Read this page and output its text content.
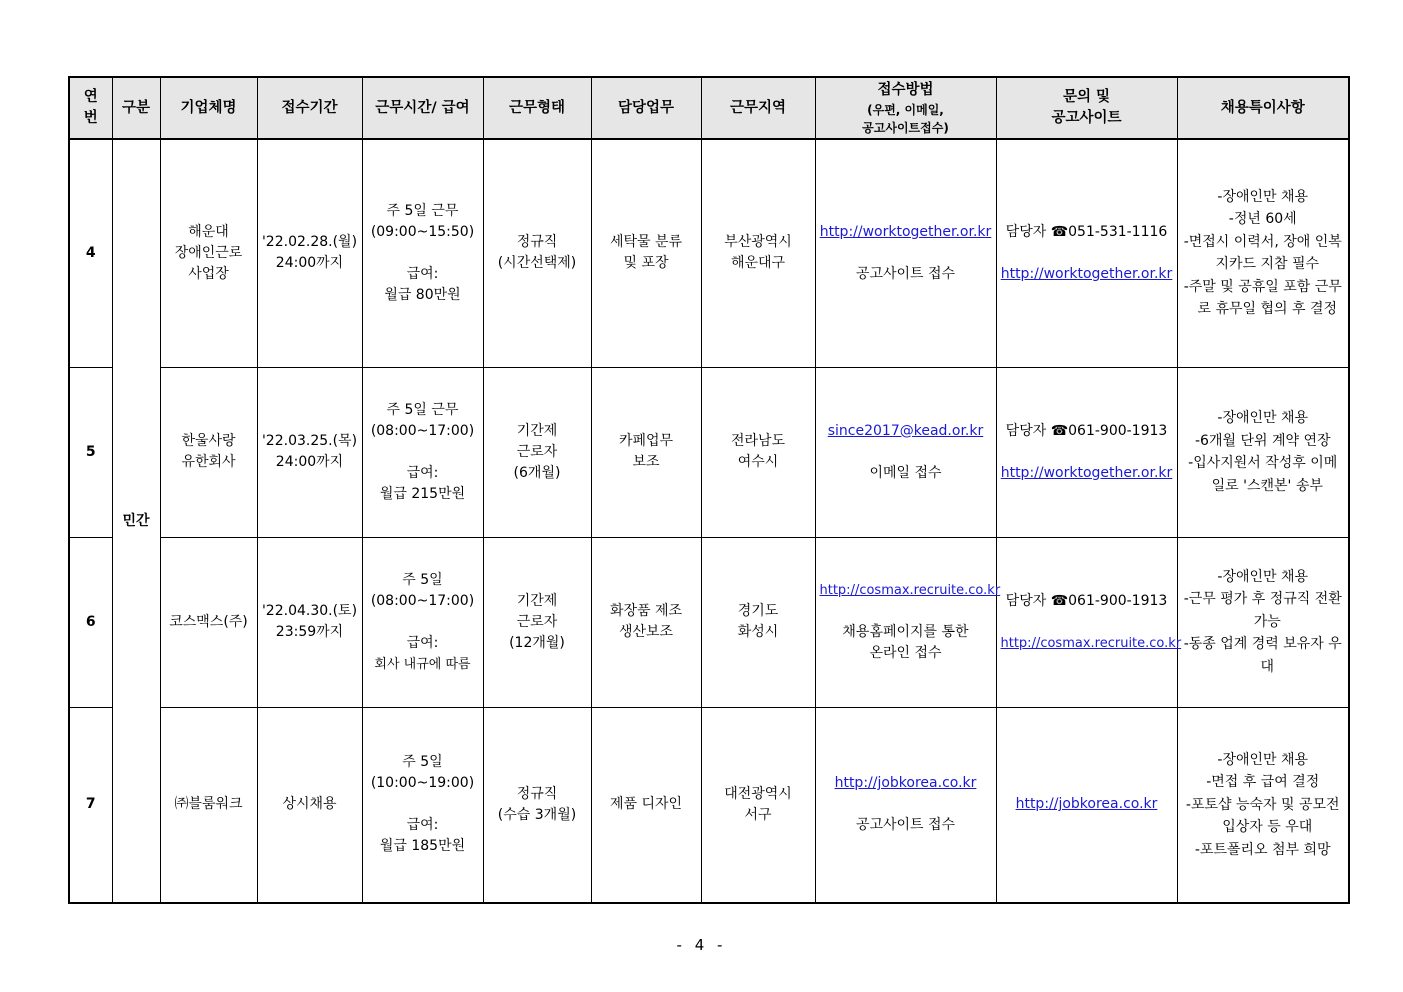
연
번	구분	기업체명	접수기간	근무시간/ 급여	근무형태	담당업무	근무지역	접수방법
(우편, 이메일,
공고사이트접수)	문의 및
공고사이트	채용특이사항
4	민간	해운대
장애인근로
사업장	'22.02.28.(월)
24:00까지	주 5일 근무
(09:00~15:50)
급여:
월급 80만원	정규직
(시간선택제)	세탁물 분류
및 포장	부산광역시
해운대구	http://worktogether.or.kr
공고사이트 접수	담당자 ☎051-531-1116
http://worktogether.or.kr	-장애인만 채용
-정년 60세
-면접시 이력서, 장애 인복지카드 지참 필수
-주말 및 공휴일 포함 근무로 휴무일 협의 후 결정

5		한울사랑
유한회사	'22.03.25.(목)
24:00까지	주 5일 근무
(08:00~17:00)
급여:
월급 215만원	기간제
근로자
(6개월)	카페업무
보조	전라남도
여수시	since2017@kead.or.kr
이메일 접수	담당자 ☎061-900-1913
http://worktogether.or.kr	-장애인만 채용
-6개월 단위 계약 연장
-입사지원서 작성후 이메일로 '스캔본' 송부

6		코스맥스(주)	'22.04.30.(토)
23:59까지	주 5일
(08:00~17:00)
급여:
회사 내규에 따름	기간제
근로자
(12개월)	화장품 제조
생산보조	경기도
화성시	http://cosmax.recruite.co.kr
채용홈페이지를 통한
온라인 접수	담당자 ☎061-900-1913
http://cosmax.recruite.co.kr	-장애인만 채용
-근무 평가 후 정규직 전환 가능
-동종 업계 경력 보유자 우대

7		㈜블룸워크	상시채용	주 5일
(10:00~19:00)
급여:
월급 185만원	정규직
(수습 3개월)	제품 디자인	대전광역시
서구	http://jobkorea.co.kr
공고사이트 접수	http://jobkorea.co.kr	-장애인만 채용
-면접 후 급여 결정
-포토샵 능숙자 및 공모전 입상자 등 우대
-포트폴리오 첨부 희망
- 4 -
